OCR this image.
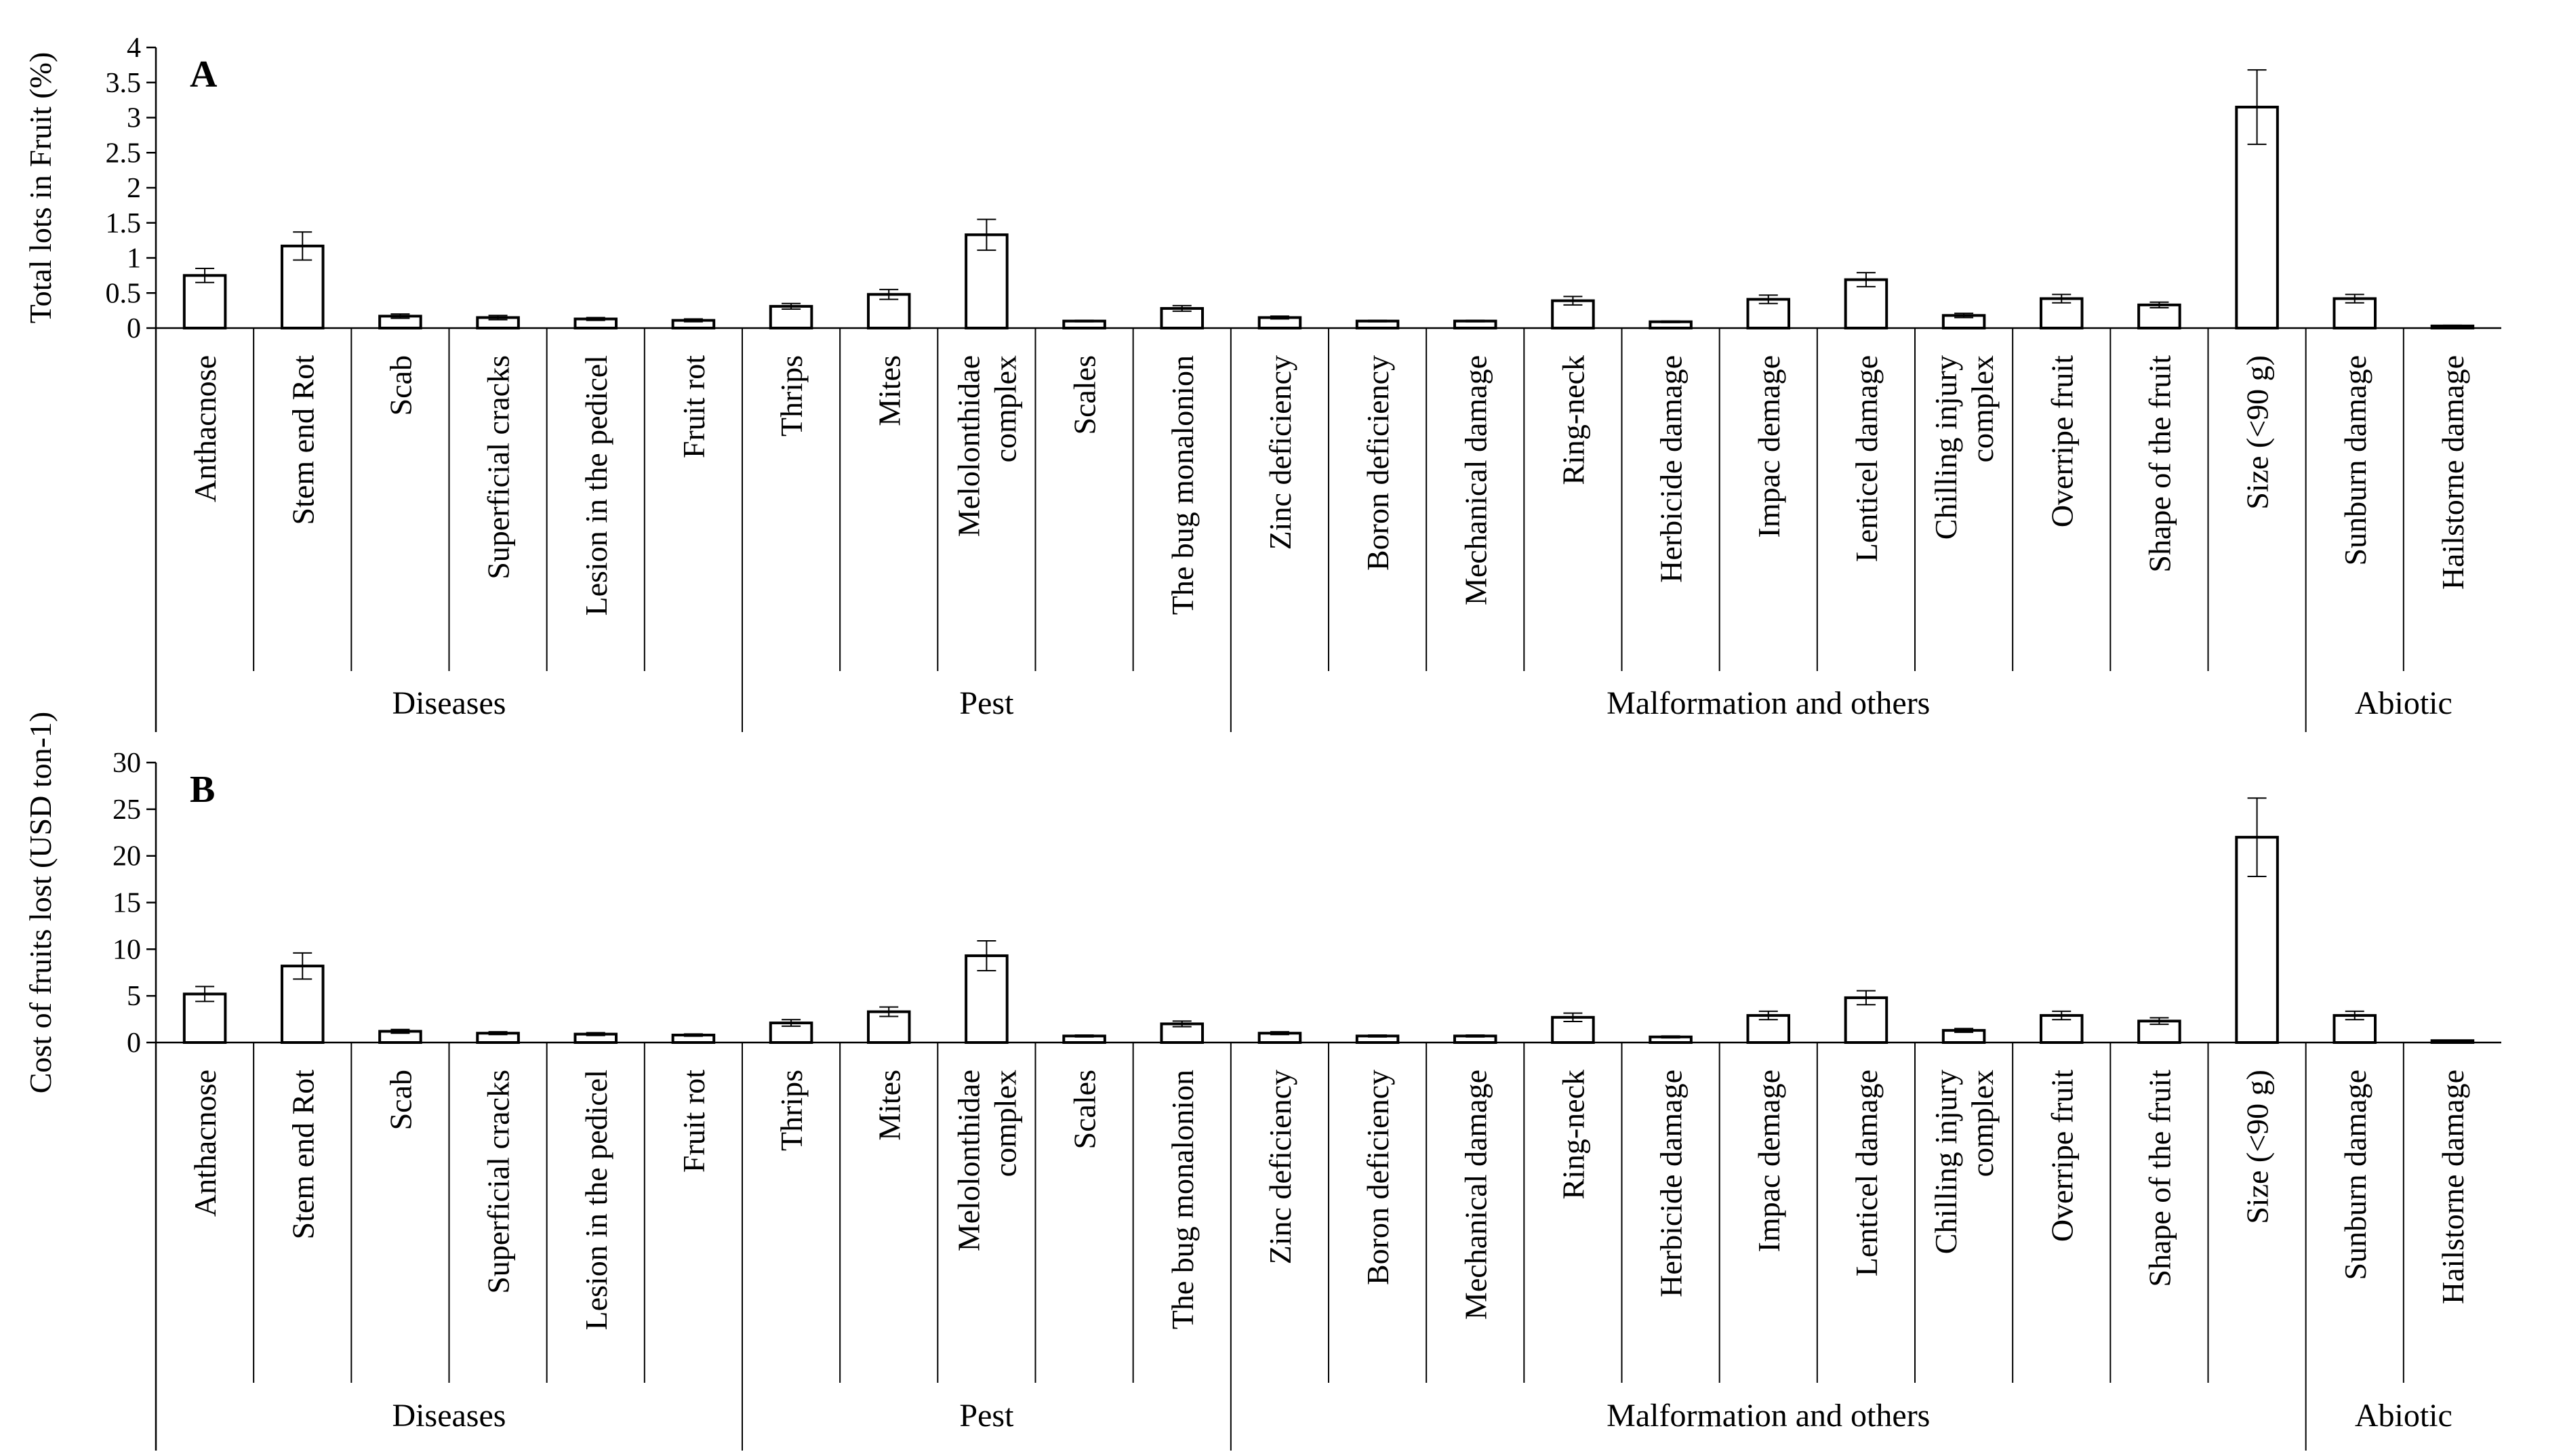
0
0.5
1
1.5
2
2.5
3
3.5
4
Total lots in Fruit (%)	A
Anthacnose Stem end Rot Scab Superficial cracks Lesion in the pedicel Fruit rot Thrips Mites Melolonthidaecomplex Scales The bug monalonion Zinc deficiency Boron deficiency Mechanical damage Ring-neck Herbicide damage Impac demage Lenticel damage Chilling injurycomplex Overripe fruit Shape of the fruit Size (<90 g) Sunburn damage Hailstorne damage
Diseases	Pest	Malformation and others	Abiotic
0
5
10
15
20
25
30
Cost of fruits lost (USD ton-1)	B
Anthacnose Stem end Rot Scab Superficial cracks Lesion in the pedicel Fruit rot Thrips Mites Melolonthidaecomplex Scales The bug monalonion Zinc deficiency Boron deficiency Mechanical damage Ring-neck Herbicide damage Impac demage Lenticel damage Chilling injurycomplex Overripe fruit Shape of the fruit Size (<90 g) Sunburn damage Hailstorne damage
Diseases	Pest	Malformation and others	Abiotic
